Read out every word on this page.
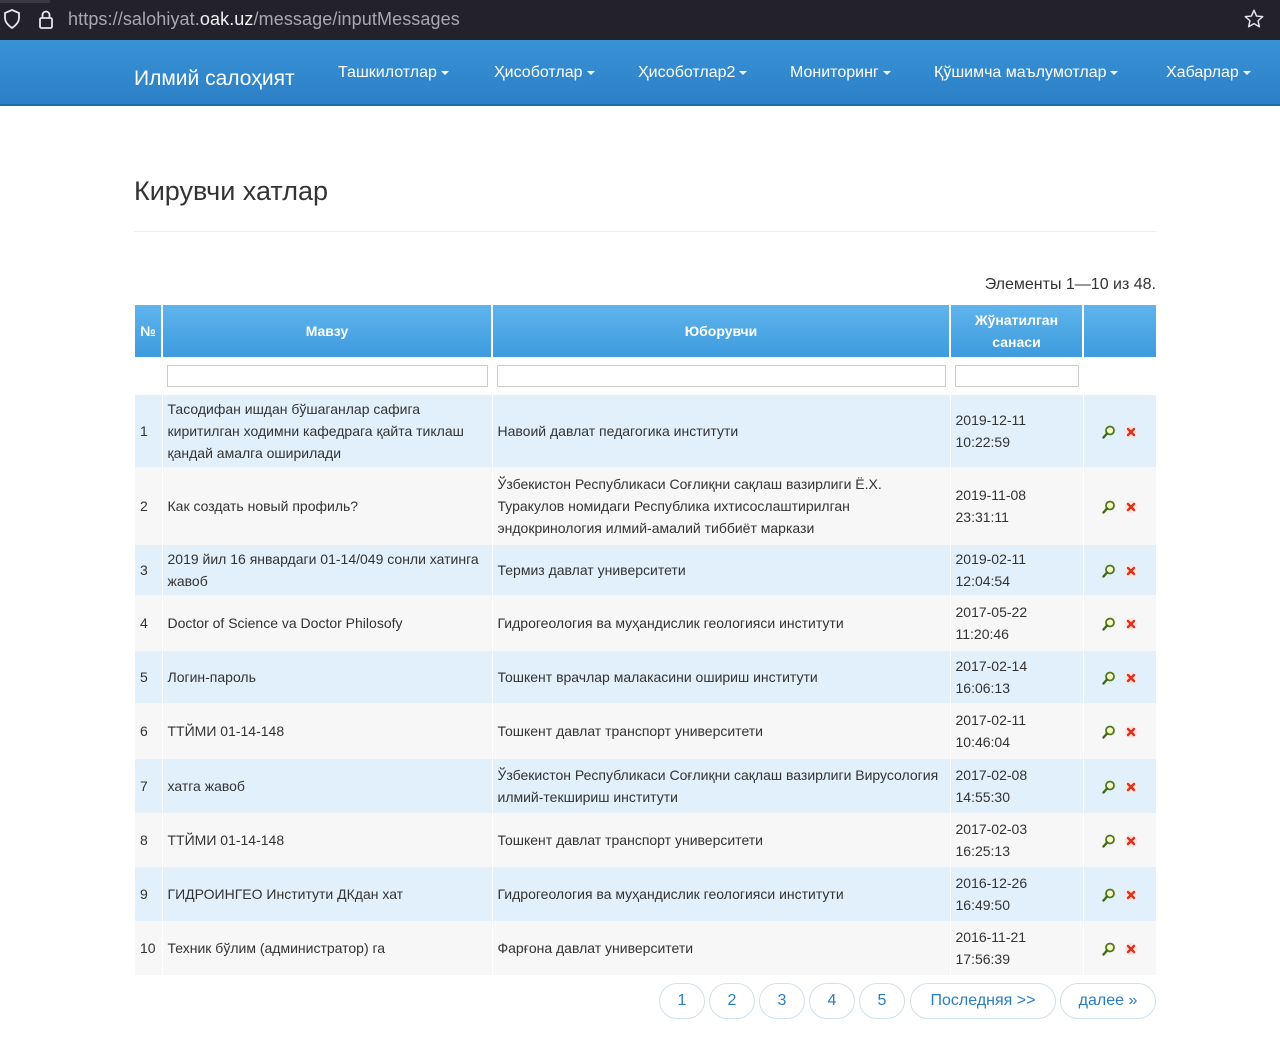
https://salohiyat.oak.uz/message/inputMessages
Илмий салоҳият	Ташкилотлар	Ҳисоботлар	Ҳисоботлар2	Мониторинг	Қўшимча маълумотлар	Хабарлар
Кирувчи хатлар
Элементы 1—10 из 48.
№	Мавзу	Юборувчи	Жўнатилган
санаси	

1	Тасодифан ишдан бўшаганлар сафига киритилган ходимни кафедрага қайта тиклаш қандай амалга оширилади	Навоий давлат педагогика институти	2019-12-11
10:22:59	
2	Как создать новый профиль?	Ўзбекистон Республикаси Соғлиқни сақлаш вазирлиги Ё.Х. Туракулов номидаги Республика ихтисослаштирилган эндокринология илмий-амалий тиббиёт маркази	2019-11-08
23:31:11	
3	2019 йил 16 январдаги 01-14/049 сонли хатинга жавоб	Термиз давлат университети	2019-02-11
12:04:54	
4	Doctor of Science va Doctor Philosofy	Гидрогеология ва муҳандислик геологияси институти	2017-05-22
11:20:46	
5	Логин-пароль	Тошкент врачлар малакасини ошириш институти	2017-02-14
16:06:13	
6	ТТЙМИ 01-14-148	Тошкент давлат транспорт университети	2017-02-11
10:46:04	
7	хатга жавоб	Ўзбекистон Республикаси Соғлиқни сақлаш вазирлиги Вирусология илмий-текшириш институти	2017-02-08
14:55:30	
8	ТТЙМИ 01-14-148	Тошкент давлат транспорт университети	2017-02-03
16:25:13	
9	ГИДРОИНГЕО Институти ДКдан хат	Гидрогеология ва муҳандислик геологияси институти	2016-12-26
16:49:50	
10	Техник бўлим (администратор) га	Фарғона давлат университети	2016-11-21
17:56:39	
1	2	3	4	5	Последняя >>	далее »
